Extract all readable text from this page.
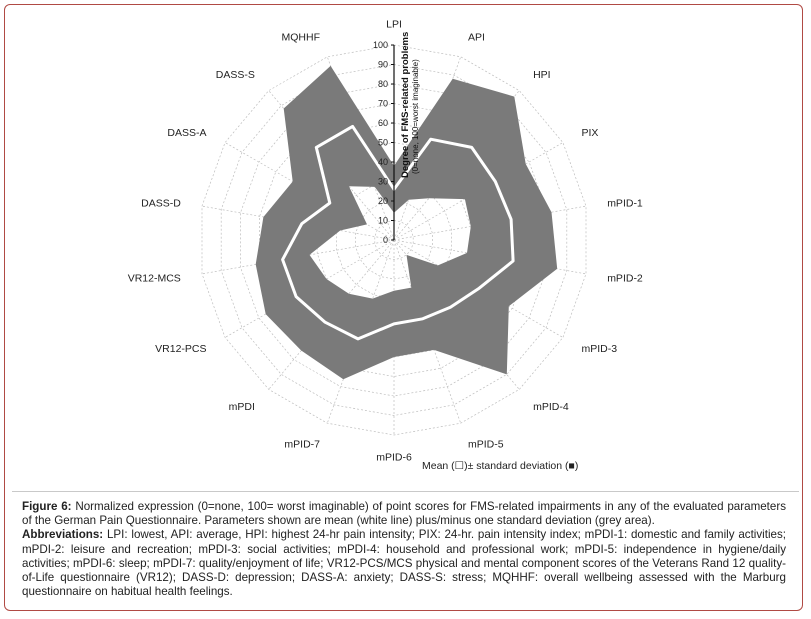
0
10
20
30
40
50
60
70
80
90
100
LPI
API
HPI
PIX
mPID-1
mPID-2
mPID-3
mPID-4
mPID-5
mPID-6
mPID-7
mPDI
VR12-PCS
VR12-MCS
DASS-D
DASS-A
DASS-S
MQHHF	Degree of FMS-related problems (0=none, 100=worst imaginable)
Mean (☐)± standard deviation (■)
Figure 6: Normalized expression (0=none, 100= worst imaginable) of point scores for FMS-related impairments in any of the evaluated parameters of the German Pain Questionnaire. Parameters shown are mean (white line) plus/minus one standard deviation (grey area).
Abbreviations: LPI: lowest, API: average, HPI: highest 24-hr pain intensity; PIX: 24-hr. pain intensity index; mPDI-1: domestic and family activities; mPDI-2: leisure and recreation; mPDI-3: social activities; mPDI-4: household and professional work; mPDI-5: independence in hygiene/daily activities; mPDI-6: sleep; mPDI-7: quality/enjoyment of life; VR12-PCS/MCS physical and mental component scores of the Veterans Rand 12 quality-of-Life questionnaire (VR12); DASS-D: depression; DASS-A: anxiety; DASS-S: stress; MQHHF: overall wellbeing assessed with the Marburg questionnaire on habitual health feelings.
